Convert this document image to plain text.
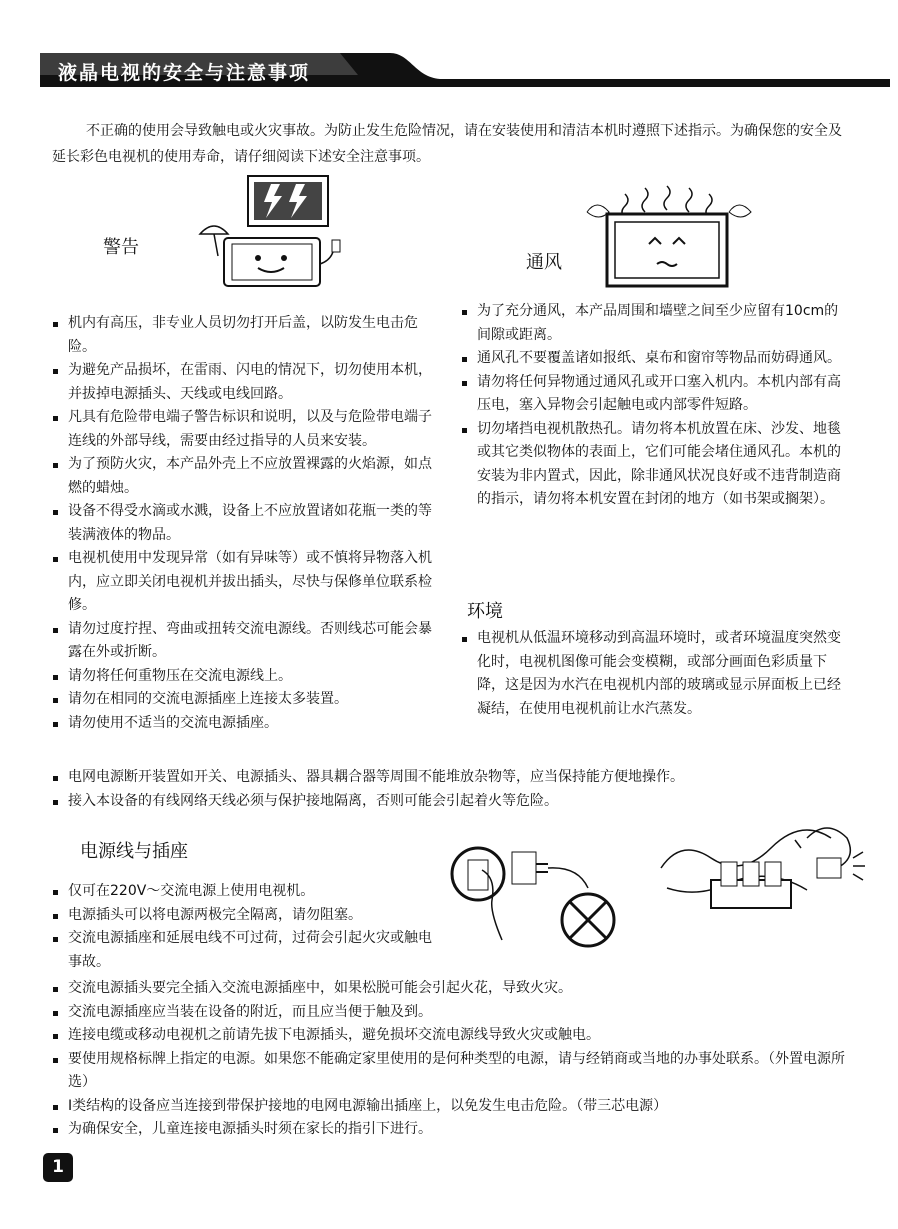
液晶电视的安全与注意事项

不正确的使用会导致触电或火灾事故。为防止发生危险情况，请在安装使用和清洁本机时遵照下述指示。为确保您的安全及延长彩色电视机的使用寿命，请仔细阅读下述安全注意事项。

警告
机内有高压，非专业人员切勿打开后盖，以防发生电击危险。
为避免产品损坏，在雷雨、闪电的情况下，切勿使用本机，并拔掉电源插头、天线或电线回路。
凡具有危险带电端子警告标识和说明，以及与危险带电端子连线的外部导线，需要由经过指导的人员来安装。
为了预防火灾，本产品外壳上不应放置裸露的火焰源，如点燃的蜡烛。
设备不得受水滴或水溅，设备上不应放置诸如花瓶一类的等装满液体的物品。
电视机使用中发现异常（如有异味等）或不慎将异物落入机内，应立即关闭电视机并拔出插头，尽快与保修单位联系检修。
请勿过度拧捏、弯曲或扭转交流电源线。否则线芯可能会暴露在外或折断。
请勿将任何重物压在交流电源线上。
请勿在相同的交流电源插座上连接太多装置。
请勿使用不适当的交流电源插座。
电网电源断开装置如开关、电源插头、器具耦合器等周围不能堆放杂物等，应当保持能方便地操作。
接入本设备的有线网络天线必须与保护接地隔离，否则可能会引起着火等危险。
通风
为了充分通风，本产品周围和墙壁之间至少应留有10cm的间隙或距离。
通风孔不要覆盖诸如报纸、桌布和窗帘等物品而妨碍通风。
请勿将任何异物通过通风孔或开口塞入机内。本机内部有高压电，塞入异物会引起触电或内部零件短路。
切勿堵挡电视机散热孔。请勿将本机放置在床、沙发、地毯或其它类似物体的表面上，它们可能会堵住通风孔。本机的安装为非内置式，因此，除非通风状况良好或不违背制造商的指示，请勿将本机安置在封闭的地方（如书架或搁架）。
环境
电视机从低温环境移动到高温环境时，或者环境温度突然变化时，电视机图像可能会变模糊，或部分画面色彩质量下降，这是因为水汽在电视机内部的玻璃或显示屏面板上已经凝结，在使用电视机前让水汽蒸发。
电源线与插座
仅可在220V～交流电源上使用电视机。
电源插头可以将电源两极完全隔离，请勿阻塞。
交流电源插座和延展电线不可过荷，过荷会引起火灾或触电事故。
交流电源插头要完全插入交流电源插座中，如果松脱可能会引起火花，导致火灾。
交流电源插座应当装在设备的附近，而且应当便于触及到。
连接电缆或移动电视机之前请先拔下电源插头，避免损坏交流电源线导致火灾或触电。
要使用规格标牌上指定的电源。如果您不能确定家里使用的是何种类型的电源，请与经销商或当地的办事处联系。（外置电源所选）
Ⅰ类结构的设备应当连接到带保护接地的电网电源输出插座上，以免发生电击危险。（带三芯电源）
为确保安全，儿童连接电源插头时须在家长的指引下进行。
1
